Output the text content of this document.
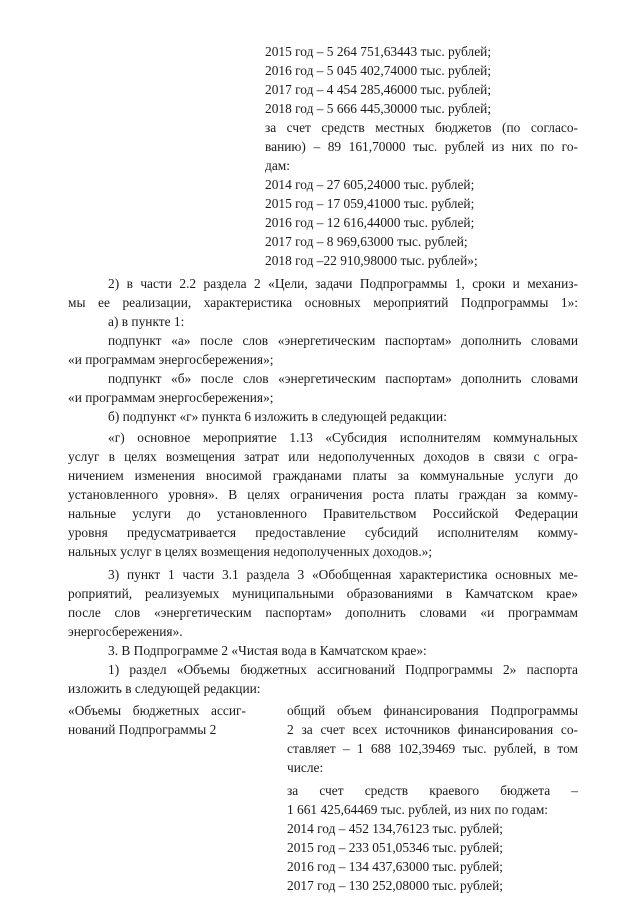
2015 год – 5 264 751,63443 тыс. рублей;
2016 год – 5 045 402,74000 тыс. рублей;
2017 год – 4 454 285,46000 тыс. рублей;
2018 год – 5 666 445,30000 тыс. рублей;
за счет средств местных бюджетов (по согласо-
ванию) – 89 161,70000 тыс. рублей из них по го-
дам:
2014 год – 27 605,24000 тыс. рублей;
2015 год – 17 059,41000 тыс. рублей;
2016 год – 12 616,44000 тыс. рублей;
2017 год – 8 969,63000 тыс. рублей;
2018 год –22 910,98000 тыс. рублей»;
2) в части 2.2 раздела 2 «Цели, задачи Подпрограммы 1, сроки и механиз-
мы ее реализации, характеристика основных мероприятий Подпрограммы 1»:
а) в пункте 1:
подпункт «а» после слов «энергетическим паспортам» дополнить словами
«и программам энергосбережения»;
подпункт «б» после слов «энергетическим паспортам» дополнить словами
«и программам энергосбережения»;
б) подпункт «г» пункта 6 изложить в следующей редакции:
«г) основное мероприятие 1.13 «Субсидия исполнителям коммунальных
услуг в целях возмещения затрат или недополученных доходов в связи с огра-
ничением изменения вносимой гражданами платы за коммунальные услуги до
установленного уровня». В целях ограничения роста платы граждан за комму-
нальные услуги до установленного Правительством Российской Федерации
уровня предусматривается предоставление субсидий исполнителям комму-
нальных услуг в целях возмещения недополученных доходов.»;
3) пункт 1 части 3.1 раздела 3 «Обобщенная характеристика основных ме-
роприятий, реализуемых муниципальными образованиями в Камчатском крае»
после слов «энергетическим паспортам» дополнить словами «и программам
энергосбережения».
3. В Подпрограмме 2 «Чистая вода в Камчатском крае»:
1) раздел «Объемы бюджетных ассигнований Подпрограммы 2» паспорта
изложить в следующей редакции:
«Объемы бюджетных ассиг-
нований Подпрограммы 2
общий объем финансирования Подпрограммы
2 за счет всех источников финансирования со-
ставляет – 1 688 102,39469 тыс. рублей, в том
числе:
за счет средств краевого бюджета –
1 661 425,64469 тыс. рублей, из них по годам:
2014 год – 452 134,76123 тыс. рублей;
2015 год – 233 051,05346 тыс. рублей;
2016 год – 134 437,63000 тыс. рублей;
2017 год – 130 252,08000 тыс. рублей;
